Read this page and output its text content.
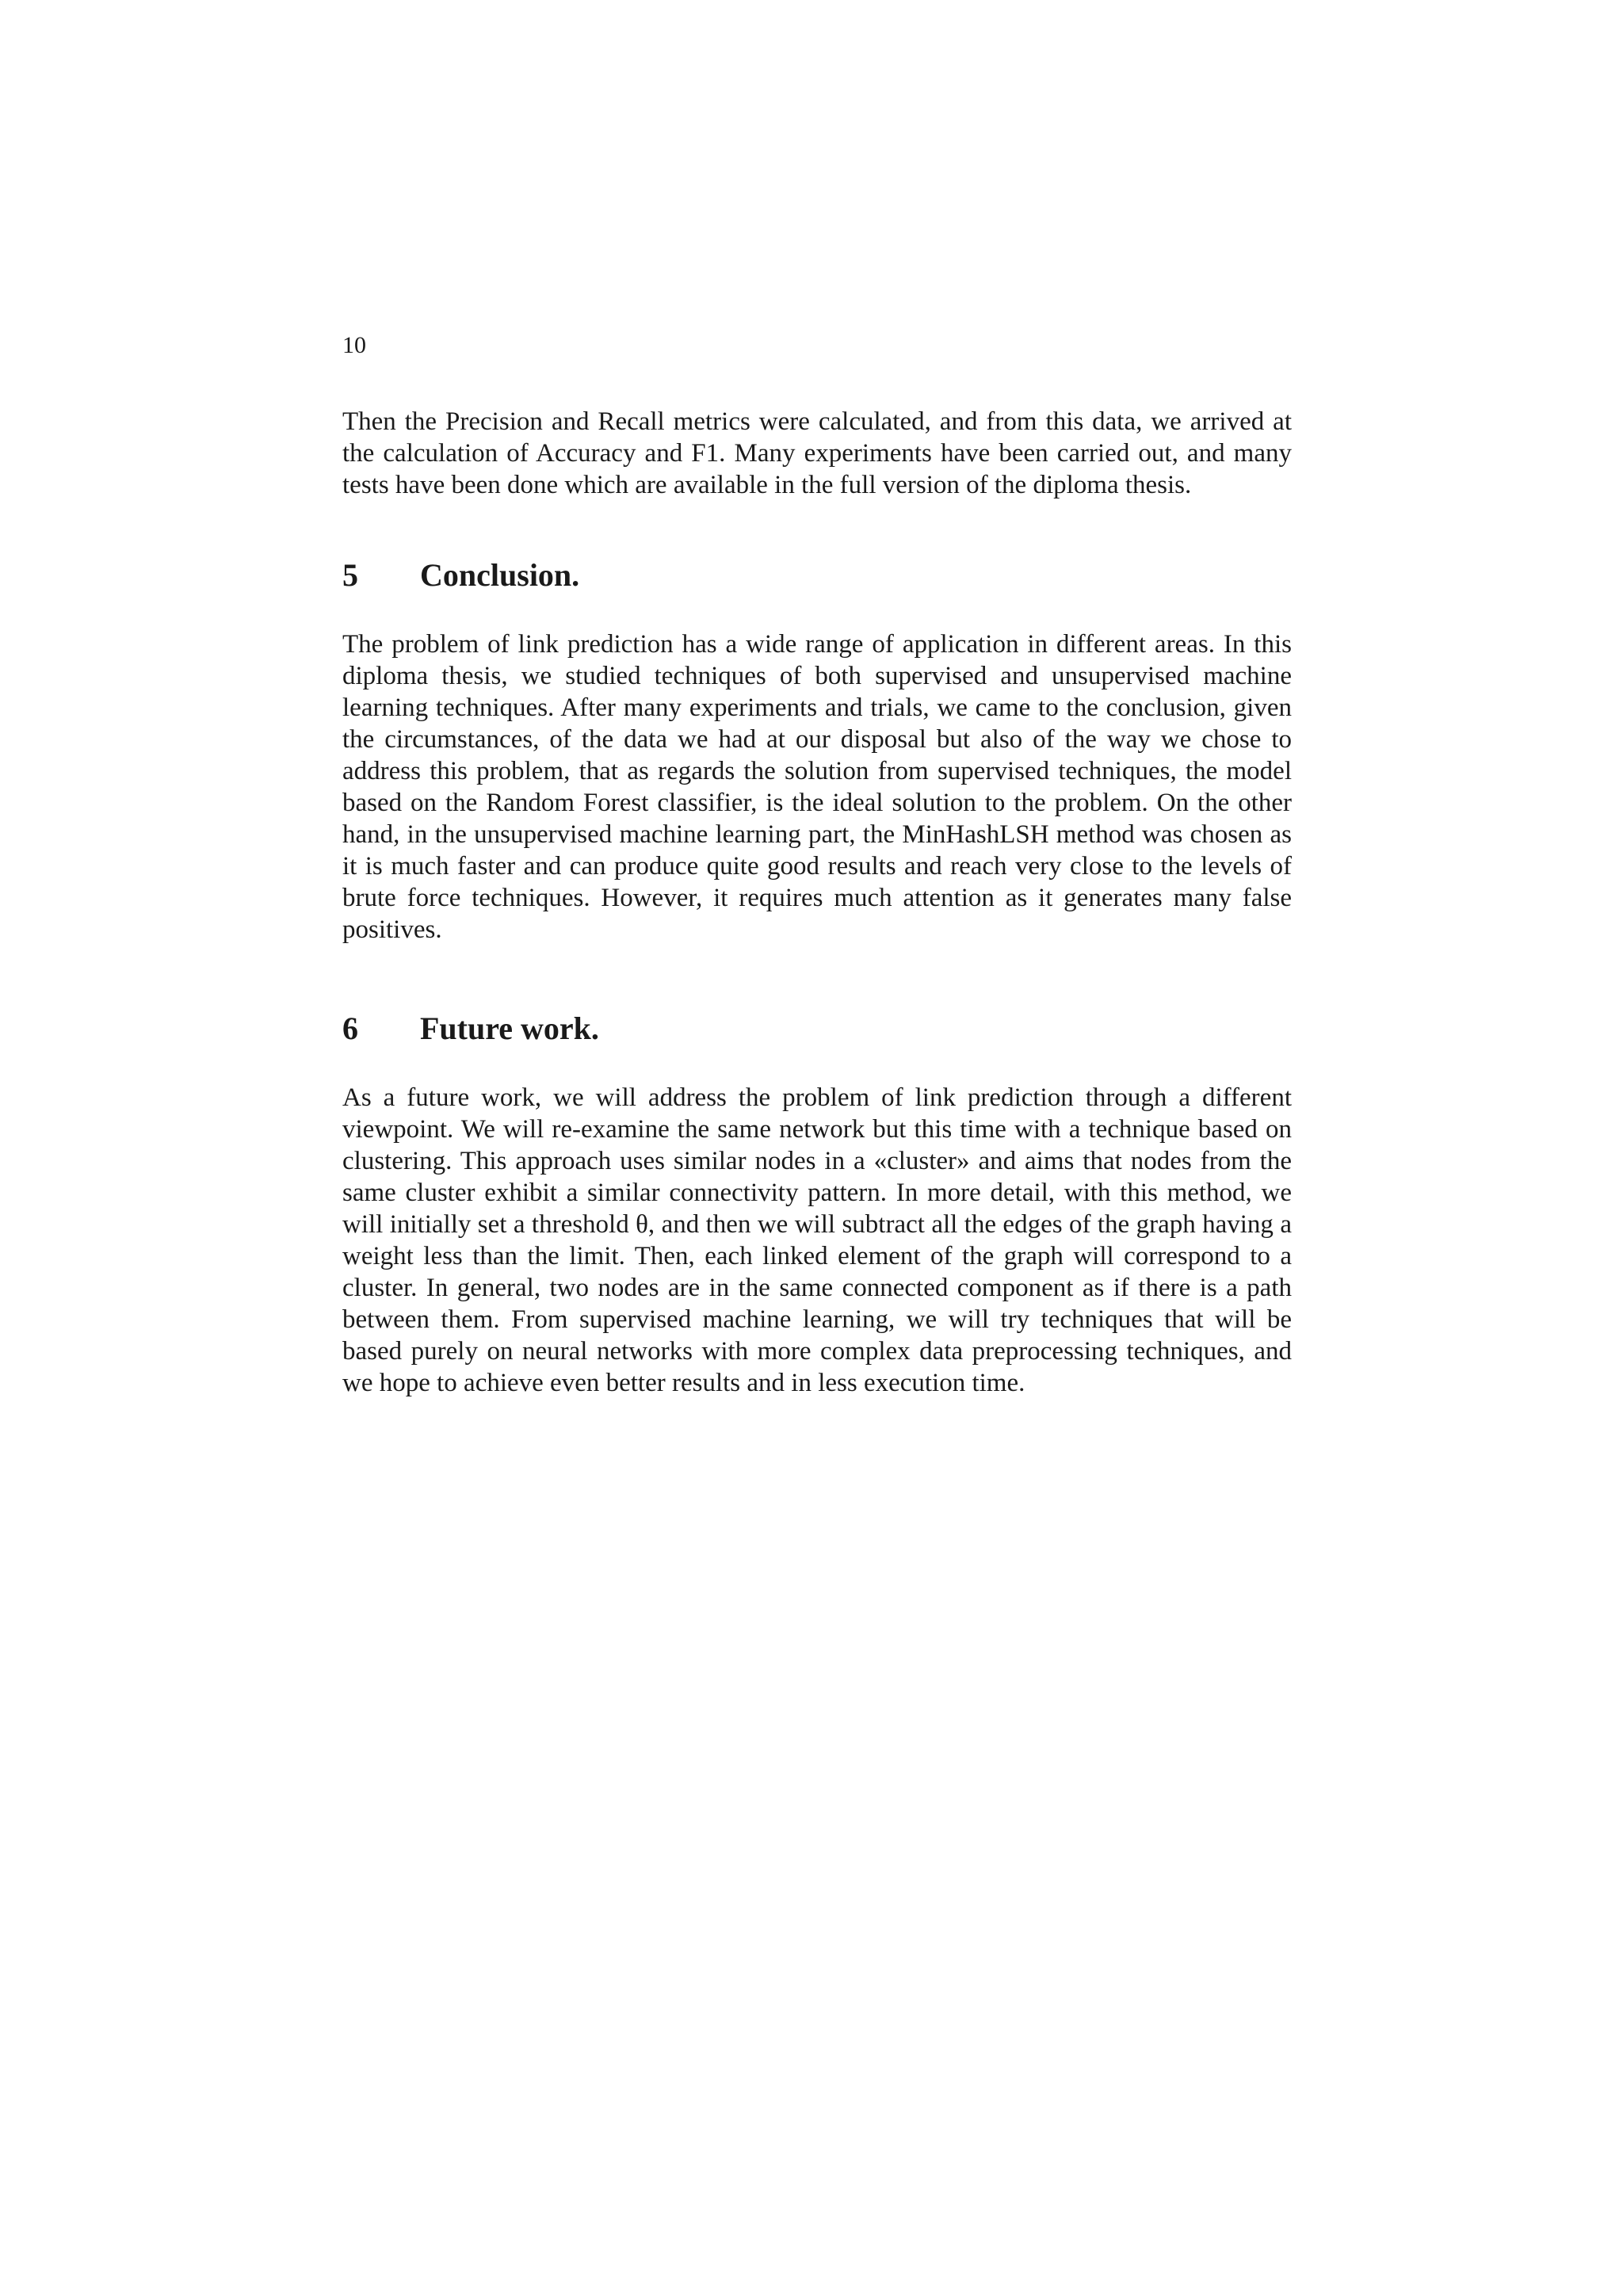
10

Then the Precision and Recall metrics were calculated, and from this data, we arrived at the calculation of Accuracy and F1. Many experiments have been carried out, and many tests have been done which are available in the full version of the diploma thesis.

5 Conclusion.

The problem of link prediction has a wide range of application in different areas. In this diploma thesis, we studied techniques of both supervised and unsupervised machine learning techniques. After many experiments and trials, we came to the conclusion, given the circumstances, of the data we had at our disposal but also of the way we chose to address this problem, that as regards the solution from supervised techniques, the model based on the Random Forest classifier, is the ideal solution to the problem. On the other hand, in the unsupervised machine learning part, the MinHashLSH method was chosen as it is much faster and can produce quite good results and reach very close to the levels of brute force techniques. However, it requires much attention as it generates many false positives.

6 Future work.

As a future work, we will address the problem of link prediction through a different viewpoint. We will re-examine the same network but this time with a technique based on clustering. This approach uses similar nodes in a «cluster» and aims that nodes from the same cluster exhibit a similar connectivity pattern. In more detail, with this method, we will initially set a threshold θ, and then we will subtract all the edges of the graph having a weight less than the limit. Then, each linked element of the graph will correspond to a cluster. In general, two nodes are in the same connected component as if there is a path between them. From supervised machine learning, we will try techniques that will be based purely on neural networks with more complex data preprocessing techniques, and we hope to achieve even better results and in less execution time.
